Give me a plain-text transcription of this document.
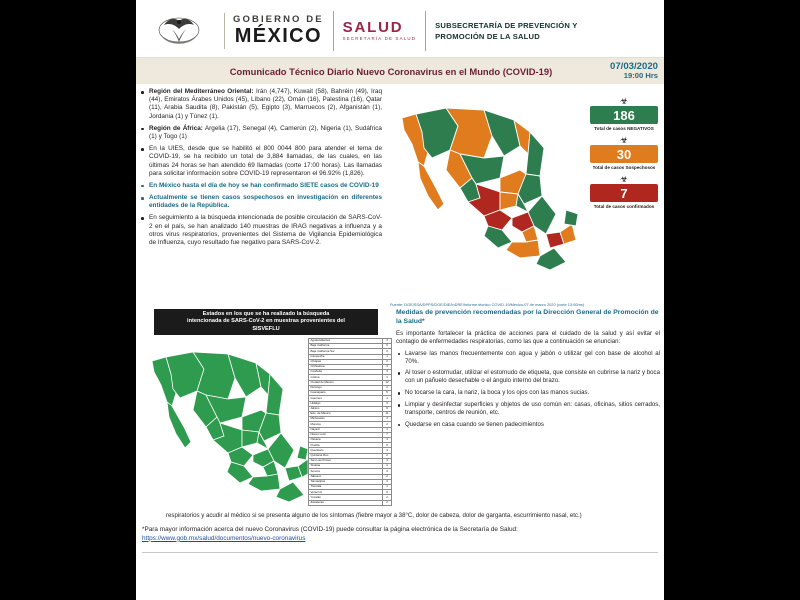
GOBIERNO DE
MÉXICO SALUD
SECRETARÍA DE SALUD
SUBSECRETARÍA DE PREVENCIÓN Y
PROMOCIÓN DE LA SALUD
Comunicado Técnico Diario Nuevo Coronavirus en el Mundo (COVID-19)	07/03/2020
19:00 Hrs
Región del Mediterráneo Oriental: Irán (4,747), Kuwait (58), Bahréin (49), Iraq (44), Emiratos Árabes Unidos (45), Líbano (22), Omán (16), Palestina (16), Qatar (11), Arabia Saudita (8), Pakistán (5), Egipto (3), Marruecos (2), Afganistán (1), Jordania (1) y Túnez (1).
Región de África: Argelia (17), Senegal (4), Camerún (2), Nigeria (1), Sudáfrica (1) y Togo (1)
En la UIES, desde que se habilitó el 800 0044 800 para atender el tema de COVID-19, se ha recibido un total de 3,884 llamadas, de las cuales, en las últimas 24 horas se han atendido 69 llamadas (corte 17:00 horas). Las llamadas para solicitar información sobre COVID-19 representaron el 96.92% (1,826).
En México hasta el día de hoy se han confirmado SIETE casos de COVID-19
Actualmente se tienen casos sospechosos en investigación en diferentes entidades de la República.
En seguimiento a la búsqueda intencionada de posible circulación de SARS-CoV-2 en el país, se han analizado 140 muestras de IRAG negativas a influenza y a otros virus respiratorios, provenientes del Sistema de Vigilancia Epidemiológica de Influenza, cuyo resultado fue negativo para SARS-CoV-2.
☣
186
Total de casos NEGATIVOS
☣
30
Total de casos Sospechosos
☣
7
Total de casos confirmados
Fuente: DGE/SSA/DPPS/DGE/DIE/InDRE/Informe técnico COVID-19/México-07 de marzo 2020 (corte 13:00hrs)
Estados en los que se ha realizado la búsqueda
intencionada de SARS-CoV-2 en muestras provenientes del
SISVEFLU
Aguascalientes	3
Baja California	6
Baja California Sur	2
Campeche	1
Chiapas	2
Chihuahua	4
Coahuila	3
Colima	1
Ciudad de México	12
Durango	2
Guanajuato	5
Guerrero	4
Hidalgo	3
Jalisco	9
Edo. de México	11
Michoacán	4
Morelos	2
Nayarit	1
Nuevo León	7
Oaxaca	4
Puebla	6
Querétaro	3
Quintana Roo	2
San Luis Potosí	3
Sinaloa	4
Sonora	3
Tabasco	2
Tamaulipas	4
Tlaxcala	1
Veracruz	6
Yucatán	2
Zacatecas	2
Medidas de prevención recomendadas por la Dirección General de Promoción de la Salud*
Es importante fortalecer la práctica de acciones para el cuidado de la salud y así evitar el contagio de enfermedades respiratorias, como las que a continuación se enuncian:
Lavarse las manos frecuentemente con agua y jabón o utilizar gel con base de alcohol al 70%.
Al toser o estornudar, utilizar el estornudo de etiqueta, que consiste en cubrirse la nariz y boca con un pañuelo desechable o el ángulo interno del brazo.
No tocarse la cara, la nariz, la boca y los ojos con las manos sucias.
Limpiar y desinfectar superficies y objetos de uso común en: casas, oficinas, sitios cerrados, transporte, centros de reunión, etc.
Quedarse en casa cuando se tienen padecimientos
respiratorios y acudir al médico si se presenta alguno de los síntomas (fiebre mayor a 38°C, dolor de cabeza, dolor de garganta, escurrimiento nasal, etc.)
*Para mayor información acerca del nuevo Coronavirus (COVID-19) puede consultar la página electrónica de la Secretaría de Salud:
https://www.gob.mx/salud/documentos/nuevo-coronavirus
